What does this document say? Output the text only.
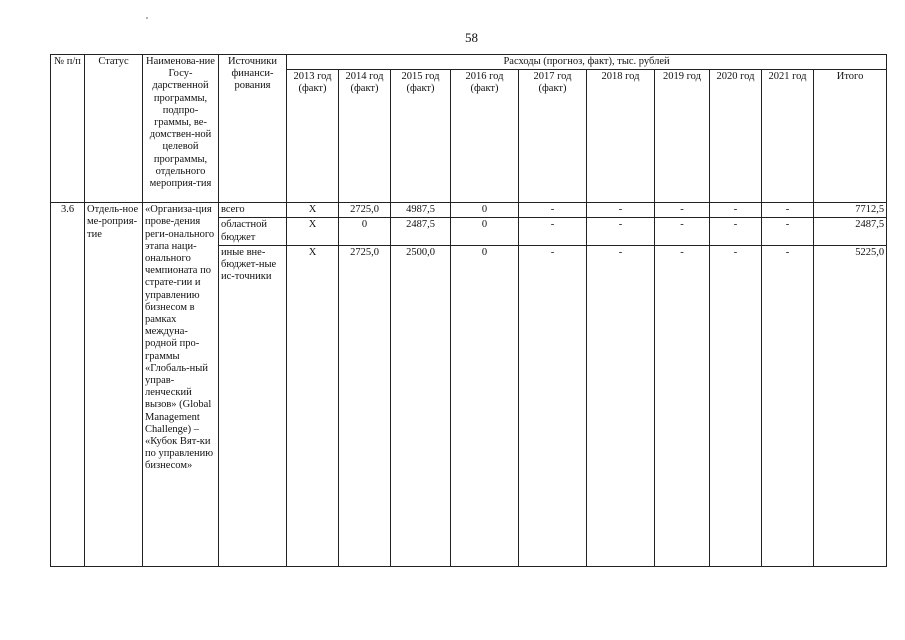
58
№ п/п	Статус	Наименова-ние Госу-дарственной программы, подпро-граммы, ве-домствен-ной целевой программы, отдельного мероприя-тия	Источники финанси-рования	Расходы (прогноз, факт), тыс. рублей									
				2013 год (факт)	2014 год (факт)	2015 год (факт)	2016 год (факт)	2017 год (факт)	2018 год	2019 год	2020 год	2021 год	Итого
3.6	Отдель-ное ме-роприя-тие	«Организа-ция прове-дения реги-онального этапа наци-онального чемпионата по страте-гии и управлению бизнесом в рамках междуна-родной про-граммы «Глобаль-ный управ-ленческий вызов» (Global Management Challenge) – «Кубок Вят-ки по управлению бизнесом»	всего	X	2725,0	4987,5	0	-	-	-	-	-	7712,5
			областной бюджет	X	0	2487,5	0	-	-	-	-	-	2487,5
			иные вне-бюджет-ные ис-точники	X	2725,0	2500,0	0	-	-	-	-	-	5225,0
